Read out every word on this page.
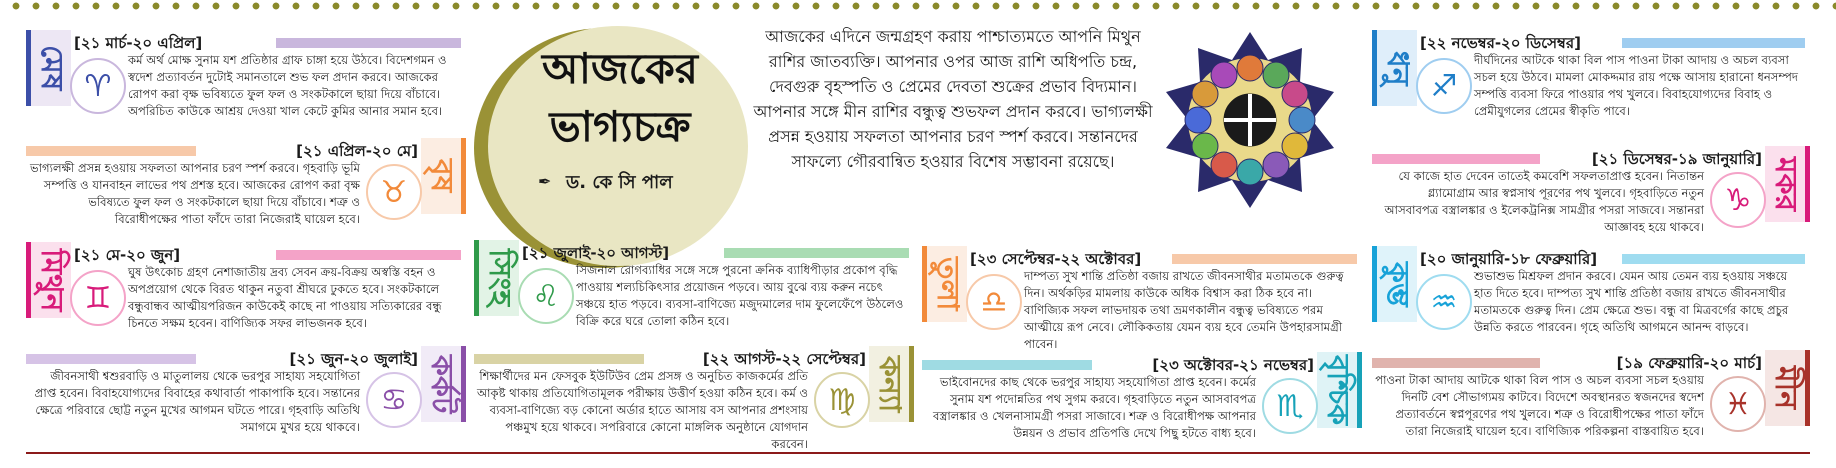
আজকের
ভাগ্যচক্র
✒ ড. কে সি পাল
আজকের এদিনে জন্মগ্রহণ করায় পাশ্চাত্যমতে আপনি মিথুন রাশির জাতব্যক্তি। আপনার ওপর আজ রাশি অধিপতি চন্দ্র, দেবগুরু বৃহস্পতি ও প্রেমের দেবতা শুক্রের প্রভাব বিদ্যমান। আপনার সঙ্গে মীন রাশির বন্ধুত্ব শুভফল প্রদান করবে। ভাগ্যলক্ষী প্রসন্ন হওয়ায় সফলতা আপনার চরণ স্পর্শ করবে। সন্তানদের সাফল্যে গৌরবান্বিত হওয়ার বিশেষ সম্ভাবনা রয়েছে।
মেষ
[২১ মার্চ-২০ এপ্রিল]
♈
কর্ম অর্থ মোক্ষ সুনাম যশ প্রতিষ্ঠার গ্রাফ চাঙ্গা হয়ে উঠবে। বিদেশগমন ও স্বদেশ প্রত্যাবর্তন দুটোই সমানতালে শুভ ফল প্রদান করবে। আজকের রোপণ করা বৃক্ষ ভবিষ্যতে ফুল ফল ও সংকটকালে ছায়া দিয়ে বাঁচাবে। অপরিচিত কাউকে আশ্রয় দেওয়া খাল কেটে কুমির আনার সমান হবে।
বৃষ
[২১ এপ্রিল-২০ মে]
♉
ভাগ্যলক্ষী প্রসন্ন হওয়ায় সফলতা আপনার চরণ স্পর্শ করবে। গৃহবাড়ি ভূমি সম্পত্তি ও যানবাহন লাভের পথ প্রশস্ত হবে। আজকের রোপণ করা বৃক্ষ ভবিষ্যতে ফুল ফল ও সংকটকালে ছায়া দিয়ে বাঁচাবে। শত্রু ও বিরোধীপক্ষের পাতা ফাঁদে তারা নিজেরাই ঘায়েল হবে।
মিথুন [২১ মে-২০ জুন]
♊
ঘুষ উৎকোচ গ্রহণ নেশাজাতীয় দ্রব্য সেবন ক্রয়-বিক্রয় অস্বস্তি বহন ও অপপ্রয়োগ থেকে বিরত থাকুন নতুবা শ্রীঘরে ঢুকতে হবে। সংকটকালে বন্ধুবান্ধব আত্মীয়পরিজন কাউকেই কাছে না পাওয়ায় সত্যিকারের বন্ধু চিনতে সক্ষম হবেন। বাণিজ্যিক সফর লাভজনক হবে।
কর্কট
[২১ জুন-২০ জুলাই]
♋
জীবনসাথী শ্বশুরবাড়ি ও মাতুলালয় থেকে ভরপুর সাহায্য সহযোগিতা প্রাপ্ত হবেন। বিবাহযোগ্যদের বিবাহের কথাবার্তা পাকাপাকি হবে। সন্তানের ক্ষেত্রে পরিবারে ছোট্ট নতুন মুখের আগমন ঘটতে পারে। গৃহবাড়ি অতিথি সমাগমে মুখর হয়ে থাকবে।
সিংহ [২১ জুলাই-২০ আগস্ট]
♌
সিজনাল রোগব্যাধির সঙ্গে সঙ্গে পুরনো ক্রনিক ব্যাধিপীড়ার প্রকোপ বৃদ্ধি পাওয়ায় শল্যচিকিৎসার প্রয়োজন পড়বে। আয় বুঝে ব্যয় করুন নচেৎ সঞ্চয়ে হাত পড়বে। ব্যবসা-বাণিজ্যে মজুদমালের দাম ফুলেফেঁপে উঠলেও বিক্রি করে ঘরে তোলা কঠিন হবে।
কন্যা
[২২ আগস্ট-২২ সেপ্টেম্বর]
♍
শিক্ষার্থীদের মন ফেসবুক ইউটিউব প্রেম প্রসঙ্গ ও অনুচিত কাজকর্মের প্রতি আকৃষ্ট থাকায় প্রতিযোগিতামূলক পরীক্ষায় উত্তীর্ণ হওয়া কঠিন হবে। কর্ম ও ব্যবসা-বাণিজ্যে বড় কোনো অর্ডার হাতে আসায় বস আপনার প্রশংসায় পঞ্চমুখ হয়ে থাকবে। সপরিবারে কোনো মাঙ্গলিক অনুষ্ঠানে যোগদান করবেন।
তুলা [২৩ সেপ্টেম্বর-২২ অক্টোবর]
♎
দাম্পত্য সুখ শান্তি প্রতিষ্ঠা বজায় রাখতে জীবনসাথীর মতামতকে গুরুত্ব দিন। অর্থকড়ির মামলায় কাউকে অধিক বিশ্বাস করা ঠিক হবে না। বাণিজ্যিক সফল লাভদায়ক তথা ভ্রমণকালীন বন্ধুত্ব ভবিষ্যতে পরম আত্মীয়ে রূপ নেবে। লৌকিকতায় যেমন ব্যয় হবে তেমনি উপহারসামগ্রী পাবেন।
বৃশ্চিক
[২৩ অক্টোবর-২১ নভেম্বর]
♏
ভাইবোনদের কাছ থেকে ভরপুর সাহায্য সহযোগিতা প্রাপ্ত হবেন। কর্মের সুনাম যশ পদোন্নতির পথ সুগম করবে। গৃহবাড়িতে নতুন আসবাবপত্র বস্ত্রালঙ্কার ও খেলনাসামগ্রী পসরা সাজাবে। শত্রু ও বিরোধীপক্ষ আপনার উন্নয়ন ও প্রভাব প্রতিপত্তি দেখে পিছু হটতে বাধ্য হবে।
ধনু
[২২ নভেম্বর-২০ ডিসেম্বর]
♐
দীর্ঘদিনের আটকে থাকা বিল পাস পাওনা টাকা আদায় ও অচল ব্যবসা সচল হয়ে উঠবে। মামলা মোকদ্দমার রায় পক্ষে আসায় হারানো ধনসম্পদ সম্পত্তি ব্যবসা ফিরে পাওয়ার পথ খুলবে। বিবাহযোগ্যদের বিবাহ ও প্রেমীযুগলের প্রেমের স্বীকৃতি পাবে।
মকর
[২১ ডিসেম্বর-১৯ জানুয়ারি]
♑
যে কাজে হাত দেবেন তাতেই কমবেশি সফলতাপ্রাপ্ত হবেন। নিতান্তন গ্ল্যামোগ্রাম আর স্বপ্নসাথ পূরণের পথ খুলবে। গৃহবাড়িতে নতুন আসবাবপত্র বস্ত্রালঙ্কার ও ইলেকট্রনিক্স সামগ্রীর পসরা সাজবে। সন্তানরা আজ্ঞাবহ হয়ে থাকবে।
কুম্ভ
[২০ জানুয়ারি-১৮ ফেব্রুয়ারি]
♒
শুভাশুভ মিশ্রফল প্রদান করবে। যেমন আয় তেমন ব্যয় হওয়ায় সঞ্চয়ে হাত দিতে হবে। দাম্পত্য সুখ শান্তি প্রতিষ্ঠা বজায় রাখতে জীবনসাথীর মতামতকে গুরুত্ব দিন। প্রেম ক্ষেত্রে শুভ। বন্ধু বা মিত্রবর্গের কাছে প্রচুর উন্নতি করতে পারবেন। গৃহে অতিথি আগমনে আনন্দ বাড়বে।
মীন
[১৯ ফেব্রুয়ারি-২০ মার্চ]
♓
পাওনা টাকা আদায় আটকে থাকা বিল পাস ও অচল ব্যবসা সচল হওয়ায় দিনটি বেশ সৌভাগ্যময় কাটবে। বিদেশে অবস্থানরত স্বজনদের স্বদেশ প্রত্যাবর্তনে স্বপ্নপূরণের পথ খুলবে। শত্রু ও বিরোধীপক্ষের পাতা ফাঁদে তারা নিজেরাই ঘায়েল হবে। বাণিজ্যিক পরিকল্পনা বাস্তবায়িত হবে।
